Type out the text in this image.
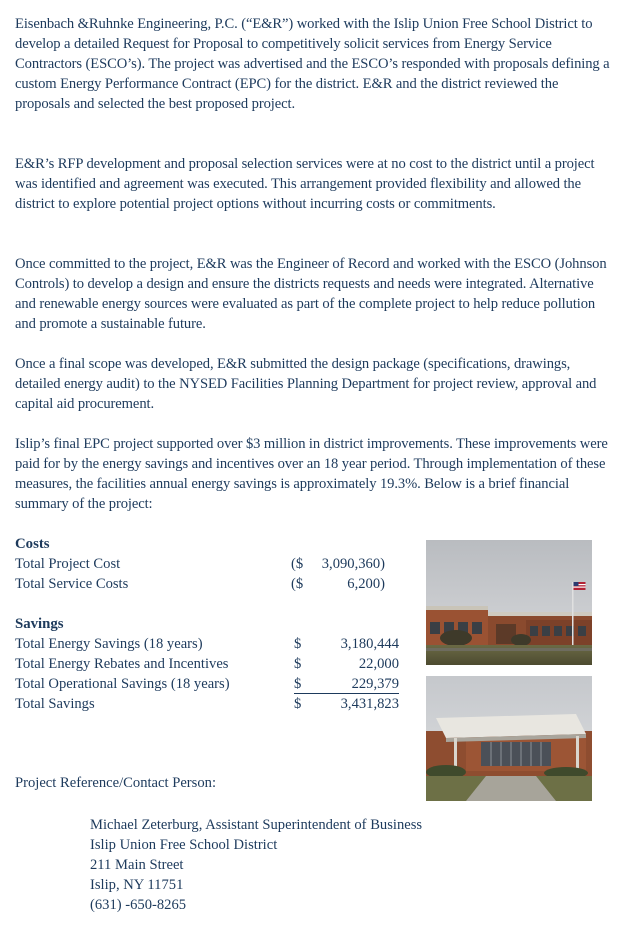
Eisenbach &Ruhnke Engineering, P.C. (“E&R”) worked with the Islip Union Free School District to develop a detailed Request for Proposal to competitively solicit services from Energy Service Contractors (ESCO’s). The project was advertised and the ESCO’s responded with proposals defining a custom Energy Performance Contract (EPC) for the district. E&R and the district reviewed the proposals and selected the best proposed project.

E&R’s RFP development and proposal selection services were at no cost to the district until a project was identified and agreement was executed. This arrangement provided flexibility and allowed the district to explore potential project options without incurring costs or commitments.

Once committed to the project, E&R was the Engineer of Record and worked with the ESCO (Johnson Controls) to develop a design and ensure the districts requests and needs were integrated. Alternative and renewable energy sources were evaluated as part of the complete project to help reduce pollution and promote a sustainable future.

Once a final scope was developed, E&R submitted the design package (specifications, drawings, detailed energy audit) to the NYSED Facilities Planning Department for project review, approval and capital aid procurement.

Islip’s final EPC project supported over $3 million in district improvements. These improvements were paid for by the energy savings and incentives over an 18 year period. Through implementation of these measures, the facilities annual energy savings is approximately 19.3%. Below is a brief financial summary of the project:

Costs
Total Project Cost	($ 3,090,360)
Total Service Costs	($	6,200)
Savings
Total Energy Savings (18 years)	$	3,180,444
Total Energy Rebates and Incentives	$	22,000
Total Operational Savings (18 years)	$	229,379
Total Savings	$	3,431,823
Project Reference/Contact Person:
Michael Zeterburg, Assistant Superintendent of Business
Islip Union Free School District
211 Main Street
Islip, NY 11751
(631) -650-8265
